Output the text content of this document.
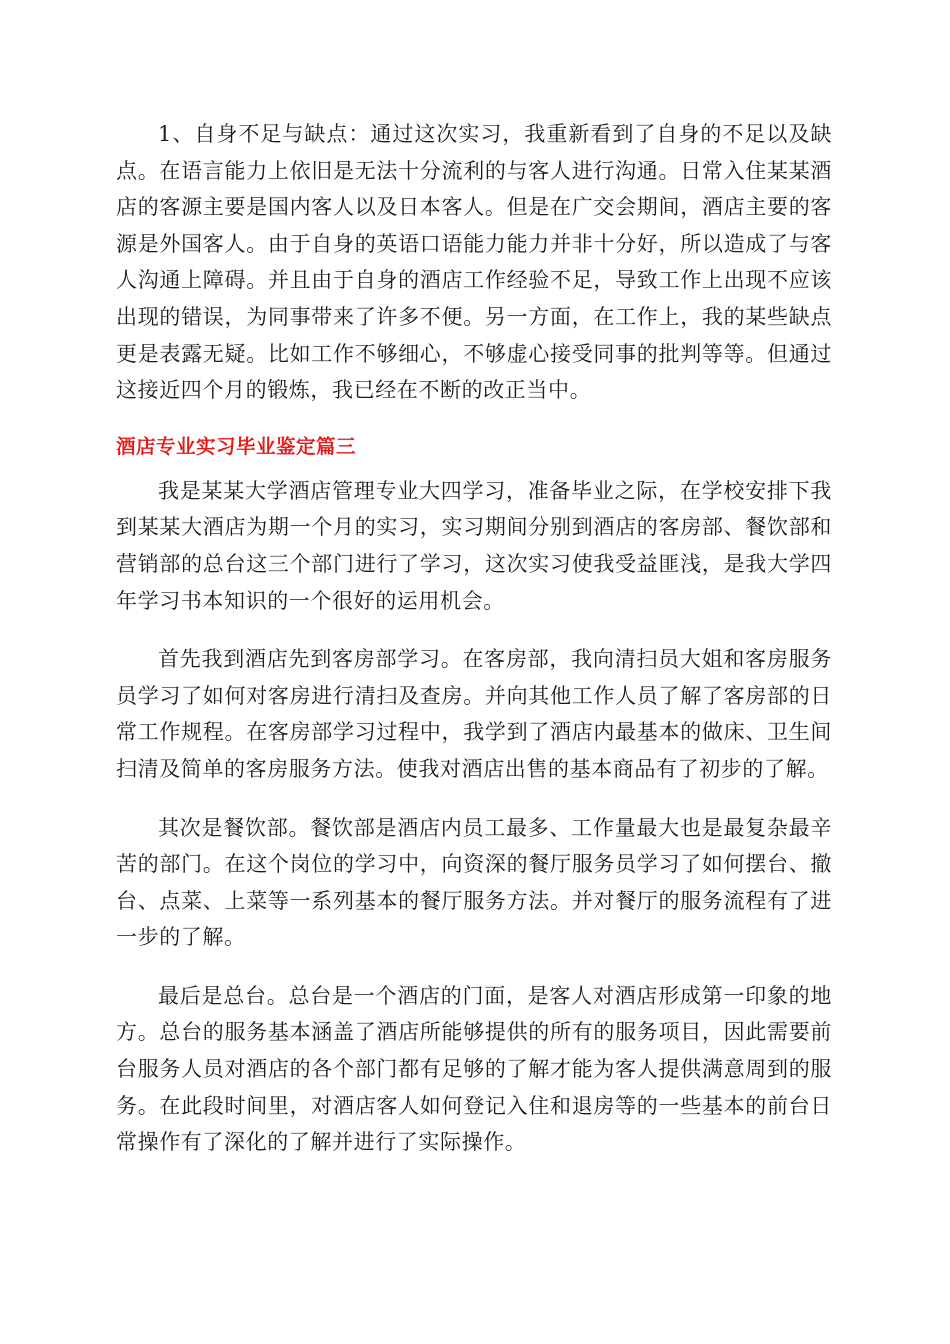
1、自身不足与缺点：通过这次实习，我重新看到了自身的不足以及缺点。在语言能力上依旧是无法十分流利的与客人进行沟通。日常入住某某酒店的客源主要是国内客人以及日本客人。但是在广交会期间，酒店主要的客源是外国客人。由于自身的英语口语能力能力并非十分好，所以造成了与客人沟通上障碍。并且由于自身的酒店工作经验不足，导致工作上出现不应该出现的错误，为同事带来了许多不便。另一方面，在工作上，我的某些缺点更是表露无疑。比如工作不够细心，不够虚心接受同事的批判等等。但通过这接近四个月的锻炼，我已经在不断的改正当中。

酒店专业实习毕业鉴定篇三

我是某某大学酒店管理专业大四学习，准备毕业之际，在学校安排下我到某某大酒店为期一个月的实习，实习期间分别到酒店的客房部、餐饮部和营销部的总台这三个部门进行了学习，这次实习使我受益匪浅，是我大学四年学习书本知识的一个很好的运用机会。

首先我到酒店先到客房部学习。在客房部，我向清扫员大姐和客房服务员学习了如何对客房进行清扫及查房。并向其他工作人员了解了客房部的日常工作规程。在客房部学习过程中，我学到了酒店内最基本的做床、卫生间扫清及简单的客房服务方法。使我对酒店出售的基本商品有了初步的了解。

其次是餐饮部。餐饮部是酒店内员工最多、工作量最大也是最复杂最辛苦的部门。在这个岗位的学习中，向资深的餐厅服务员学习了如何摆台、撤台、点菜、上菜等一系列基本的餐厅服务方法。并对餐厅的服务流程有了进一步的了解。

最后是总台。总台是一个酒店的门面，是客人对酒店形成第一印象的地方。总台的服务基本涵盖了酒店所能够提供的所有的服务项目，因此需要前台服务人员对酒店的各个部门都有足够的了解才能为客人提供满意周到的服务。在此段时间里，对酒店客人如何登记入住和退房等的一些基本的前台日常操作有了深化的了解并进行了实际操作。
